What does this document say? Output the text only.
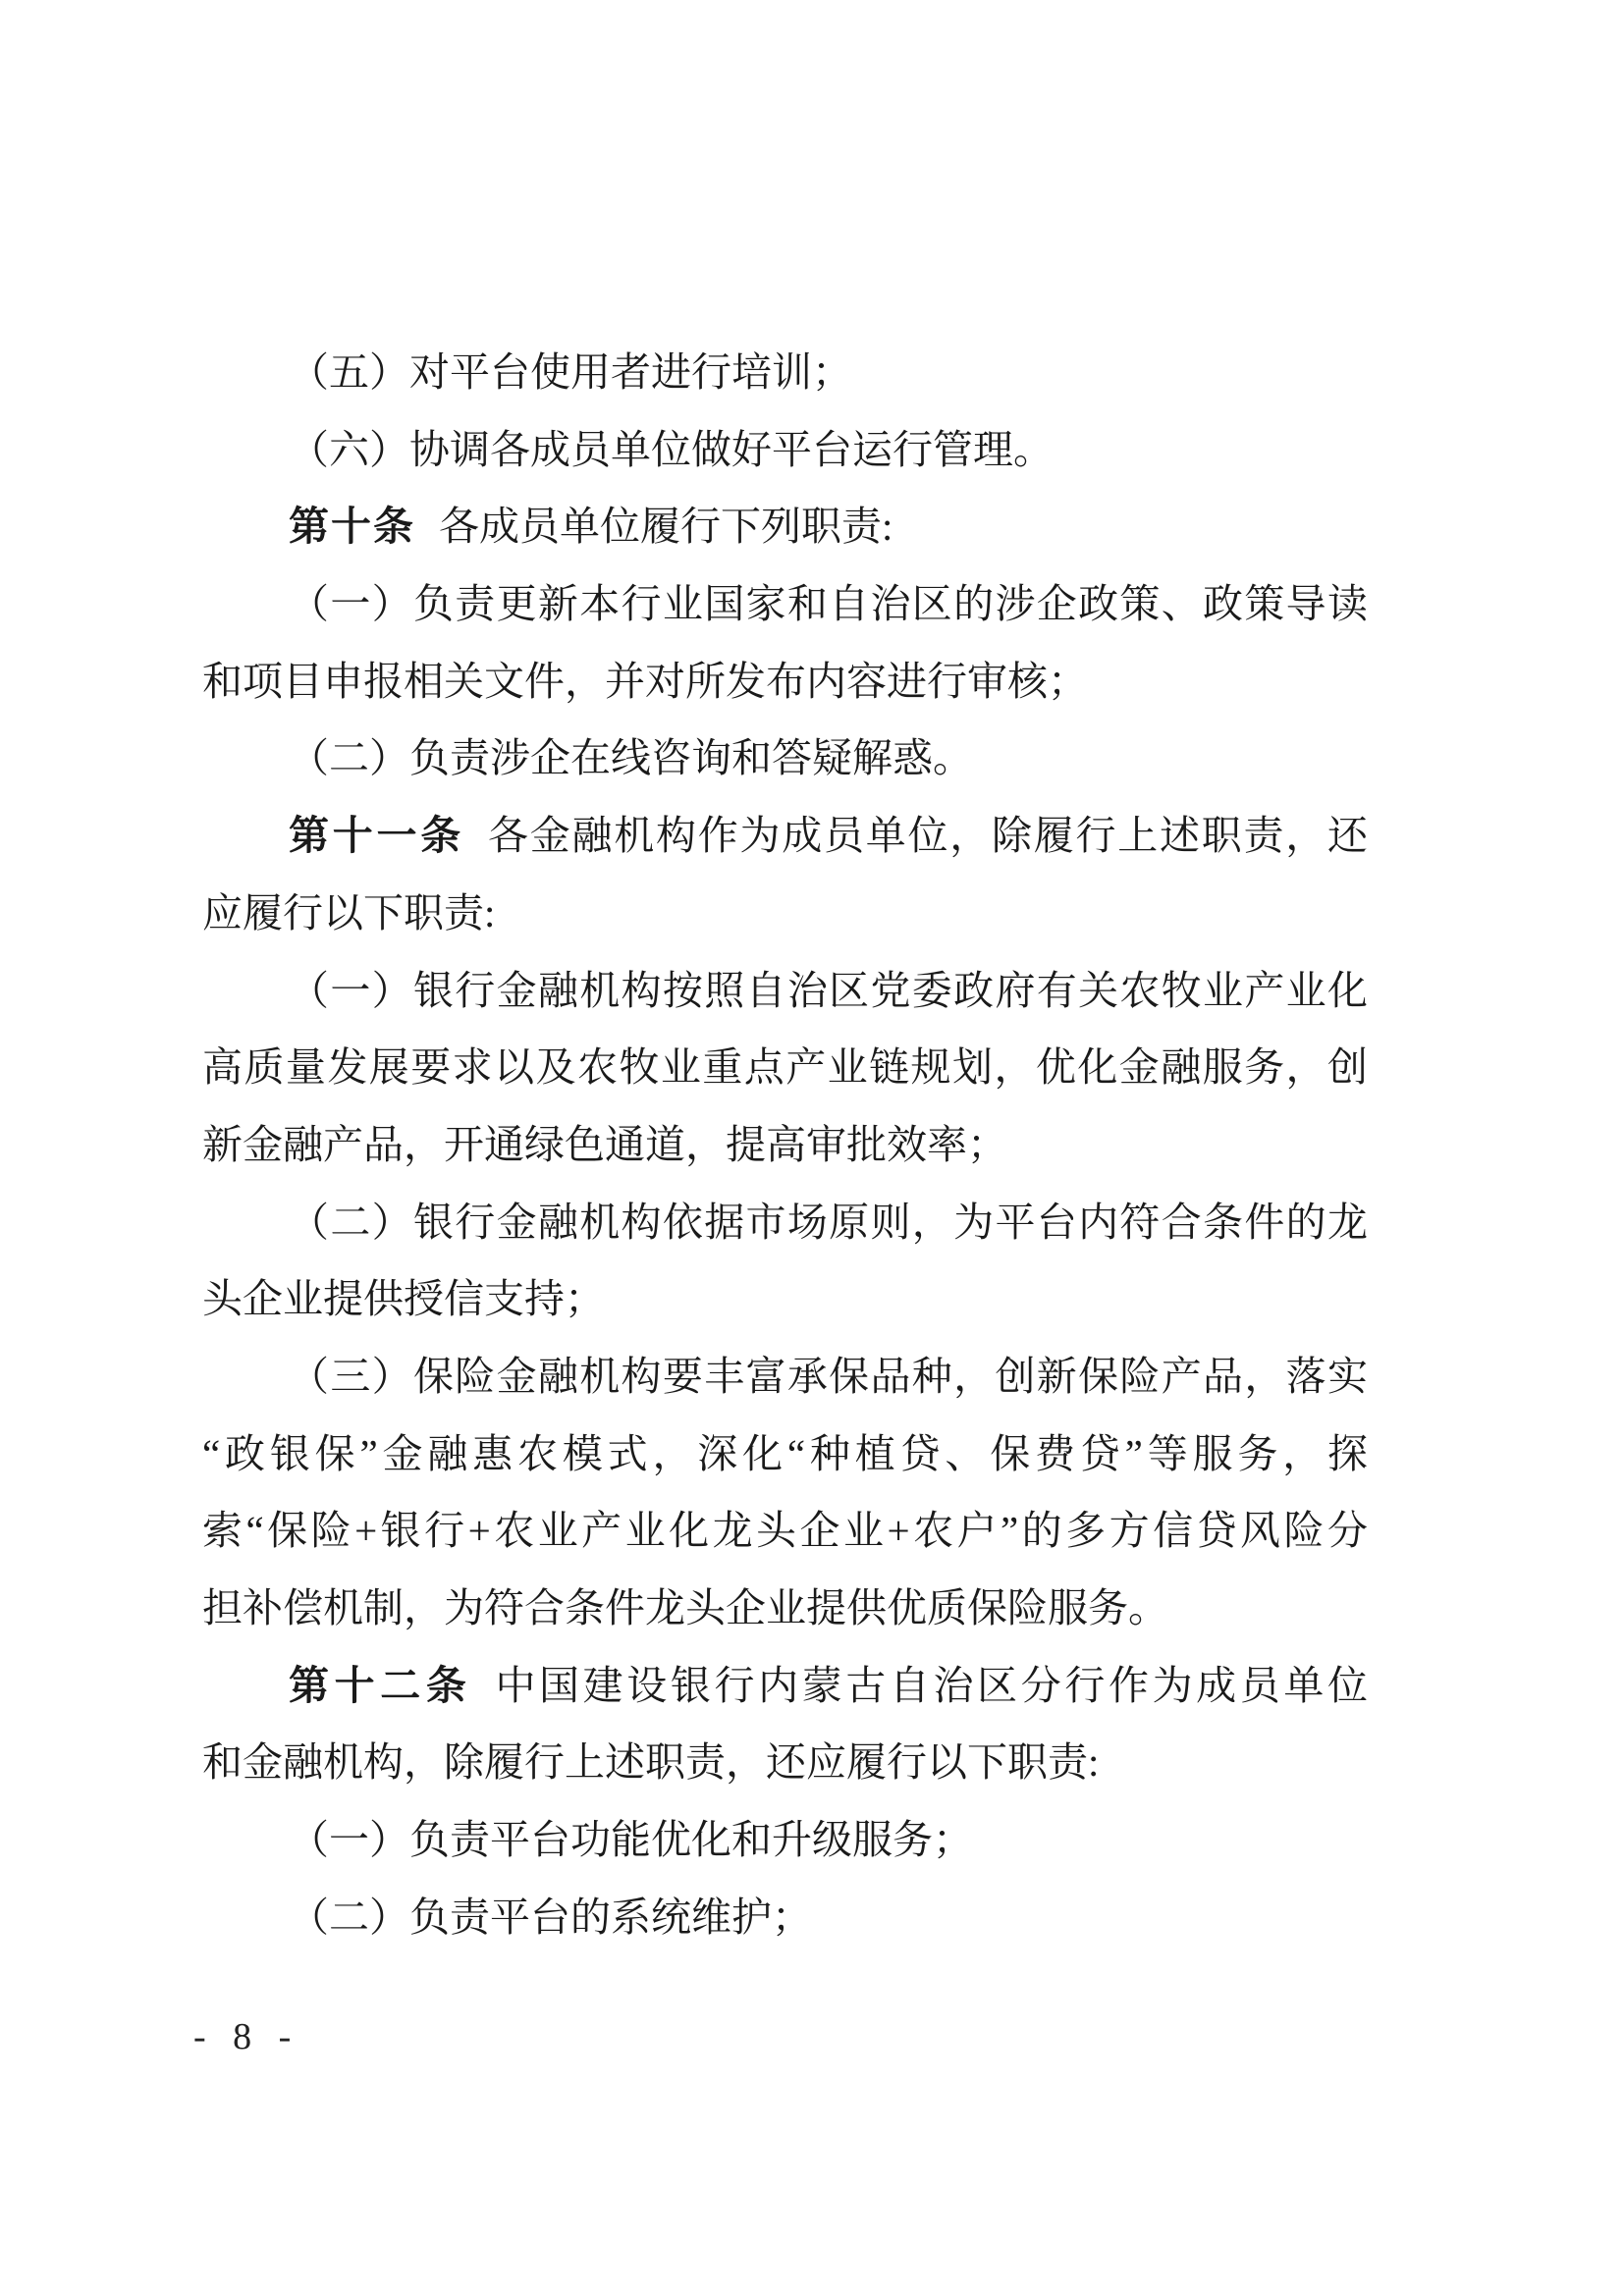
（五）对平台使用者进行培训；
（六）协调各成员单位做好平台运行管理。
第十条 各成员单位履行下列职责:
（一）负责更新本行业国家和自治区的涉企政策、政策导读
和项目申报相关文件，并对所发布内容进行审核；
（二）负责涉企在线咨询和答疑解惑。
第十一条 各金融机构作为成员单位，除履行上述职责，还
应履行以下职责:
（一）银行金融机构按照自治区党委政府有关农牧业产业化
高质量发展要求以及农牧业重点产业链规划，优化金融服务，创
新金融产品，开通绿色通道，提高审批效率；
（二）银行金融机构依据市场原则，为平台内符合条件的龙
头企业提供授信支持；
（三）保险金融机构要丰富承保品种，创新保险产品，落实
“政银保”金融惠农模式，深化“种植贷、保费贷”等服务，探
索“保险+银行+农业产业化龙头企业+农户”的多方信贷风险分
担补偿机制，为符合条件龙头企业提供优质保险服务。
第十二条 中国建设银行内蒙古自治区分行作为成员单位
和金融机构，除履行上述职责，还应履行以下职责:
（一）负责平台功能优化和升级服务；
（二）负责平台的系统维护；
- 8 -
